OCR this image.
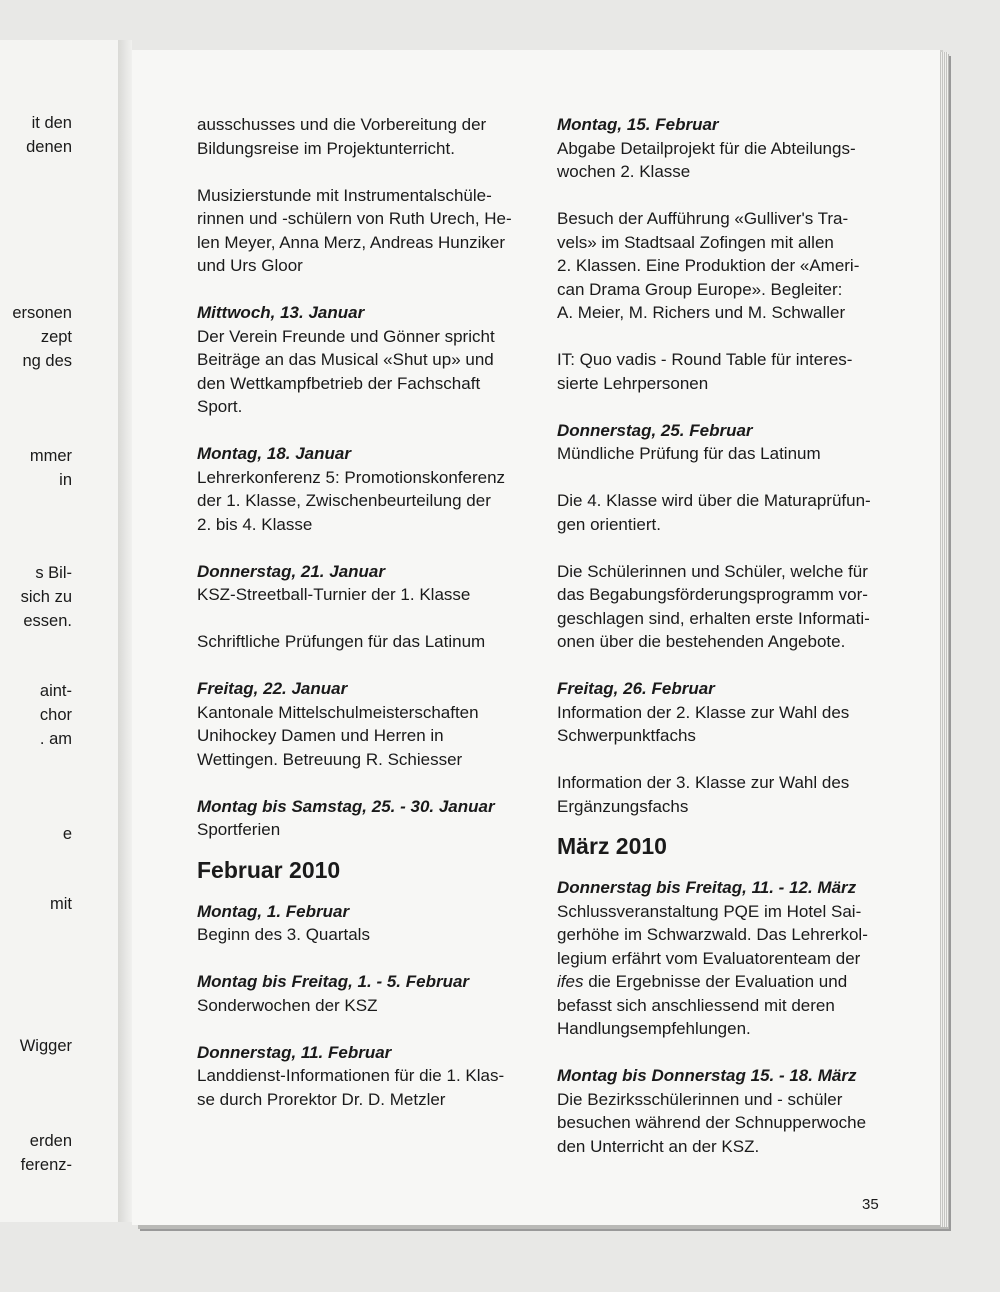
it den
denen
ersonen
zept
ng des
mmer
in
s Bil-
sich zu
essen.
aint-
chor
. am
e
mit
Wigger
erden
ferenz-
ausschusses und die Vorbereitung der
Bildungsreise im Projektunterricht.
Musizierstunde mit Instrumentalschüle-
rinnen und -schülern von Ruth Urech, He-
len Meyer, Anna Merz, Andreas Hunziker
und Urs Gloor
Mittwoch, 13. Januar
Der Verein Freunde und Gönner spricht
Beiträge an das Musical «Shut up» und
den Wettkampfbetrieb der Fachschaft
Sport.
Montag, 18. Januar
Lehrerkonferenz 5: Promotionskonferenz
der 1. Klasse, Zwischenbeurteilung der
2. bis 4. Klasse
Donnerstag, 21. Januar
KSZ-Streetball-Turnier der 1. Klasse
Schriftliche Prüfungen für das Latinum
Freitag, 22. Januar
Kantonale Mittelschulmeisterschaften
Unihockey Damen und Herren in
Wettingen. Betreuung R. Schiesser
Montag bis Samstag, 25. - 30. Januar
Sportferien
Februar 2010
Montag, 1. Februar
Beginn des 3. Quartals
Montag bis Freitag, 1. - 5. Februar
Sonderwochen der KSZ
Donnerstag, 11. Februar
Landdienst-Informationen für die 1. Klas-
se durch Prorektor Dr. D. Metzler
Montag, 15. Februar
Abgabe Detailprojekt für die Abteilungs-
wochen 2. Klasse
Besuch der Aufführung «Gulliver's Tra-
vels» im Stadtsaal Zofingen mit allen
2. Klassen. Eine Produktion der «Ameri-
can Drama Group Europe». Begleiter:
A. Meier, M. Richers und M. Schwaller
IT: Quo vadis - Round Table für interes-
sierte Lehrpersonen
Donnerstag, 25. Februar
Mündliche Prüfung für das Latinum
Die 4. Klasse wird über die Maturaprüfun-
gen orientiert.
Die Schülerinnen und Schüler, welche für
das Begabungsförderungsprogramm vor-
geschlagen sind, erhalten erste Informati-
onen über die bestehenden Angebote.
Freitag, 26. Februar
Information der 2. Klasse zur Wahl des
Schwerpunktfachs
Information der 3. Klasse zur Wahl des
Ergänzungsfachs
März 2010
Donnerstag bis Freitag, 11. - 12. März
Schlussveranstaltung PQE im Hotel Sai-
gerhöhe im Schwarzwald. Das Lehrerkol-
legium erfährt vom Evaluatorenteam der
ifes die Ergebnisse der Evaluation und
befasst sich anschliessend mit deren
Handlungsempfehlungen.
Montag bis Donnerstag 15. - 18. März
Die Bezirksschülerinnen und - schüler
besuchen während der Schnupperwoche
den Unterricht an der KSZ.
35
